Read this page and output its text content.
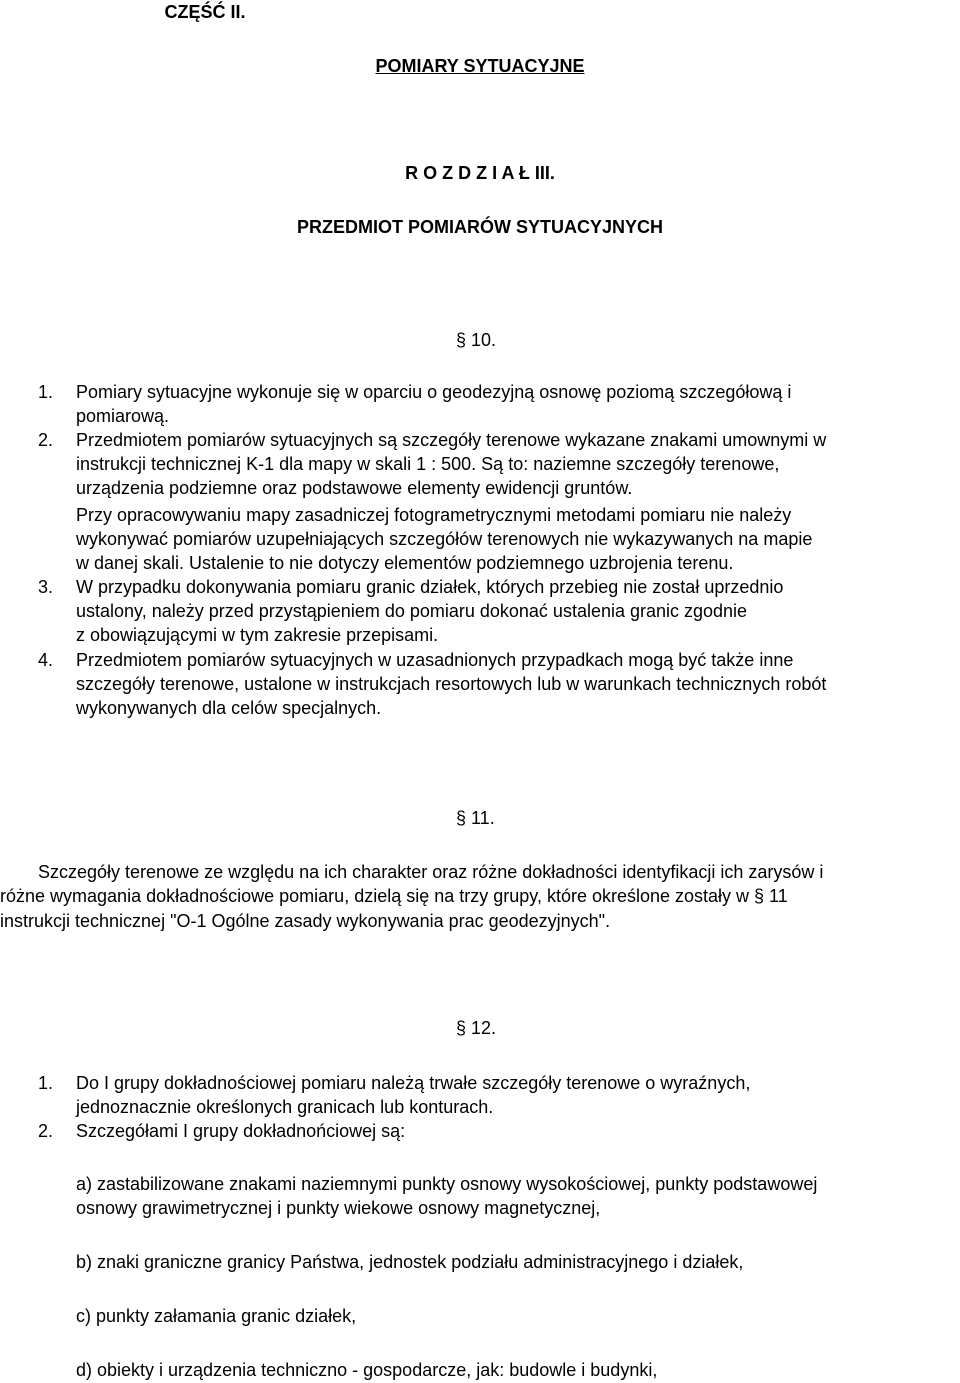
CZĘŚĆ II.
POMIARY SYTUACYJNE
R O Z D Z I A Ł III.
PRZEDMIOT POMIARÓW SYTUACYJNYCH
§ 10.
1. Pomiary sytuacyjne wykonuje się w oparciu o geodezyjną osnowę poziomą szczegółową i
pomiarową.
2. Przedmiotem pomiarów sytuacyjnych są szczegóły terenowe wykazane znakami umownymi w
instrukcji technicznej K-1 dla mapy w skali 1 : 500. Są to: naziemne szczegóły terenowe,
urządzenia podziemne oraz podstawowe elementy ewidencji gruntów.
Przy opracowywaniu mapy zasadniczej fotogrametrycznymi metodami pomiaru nie należy
wykonywać pomiarów uzupełniających szczegółów terenowych nie wykazywanych na mapie
w danej skali. Ustalenie to nie dotyczy elementów podziemnego uzbrojenia terenu.
3. W przypadku dokonywania pomiaru granic działek, których przebieg nie został uprzednio
ustalony, należy przed przystąpieniem do pomiaru dokonać ustalenia granic zgodnie
z obowiązującymi w tym zakresie przepisami.
4. Przedmiotem pomiarów sytuacyjnych w uzasadnionych przypadkach mogą być także inne
szczegóły terenowe, ustalone w instrukcjach resortowych lub w warunkach technicznych robót
wykonywanych dla celów specjalnych.
§ 11.
Szczegóły terenowe ze względu na ich charakter oraz różne dokładności identyfikacji ich zarysów i
różne wymagania dokładnościowe pomiaru, dzielą się na trzy grupy, które określone zostały w § 11
instrukcji technicznej "O-1 Ogólne zasady wykonywania prac geodezyjnych".
§ 12.
1. Do I grupy dokładnościowej pomiaru należą trwałe szczegóły terenowe o wyraźnych,
jednoznacznie określonych granicach lub konturach.
2. Szczegółami I grupy dokładnońciowej są:
a) zastabilizowane znakami naziemnymi punkty osnowy wysokościowej, punkty podstawowej
osnowy grawimetrycznej i punkty wiekowe osnowy magnetycznej,
b) znaki graniczne granicy Państwa, jednostek podziału administracyjnego i działek,
c) punkty załamania granic działek,
d) obiekty i urządzenia techniczno - gospodarcze, jak: budowle i budynki,
